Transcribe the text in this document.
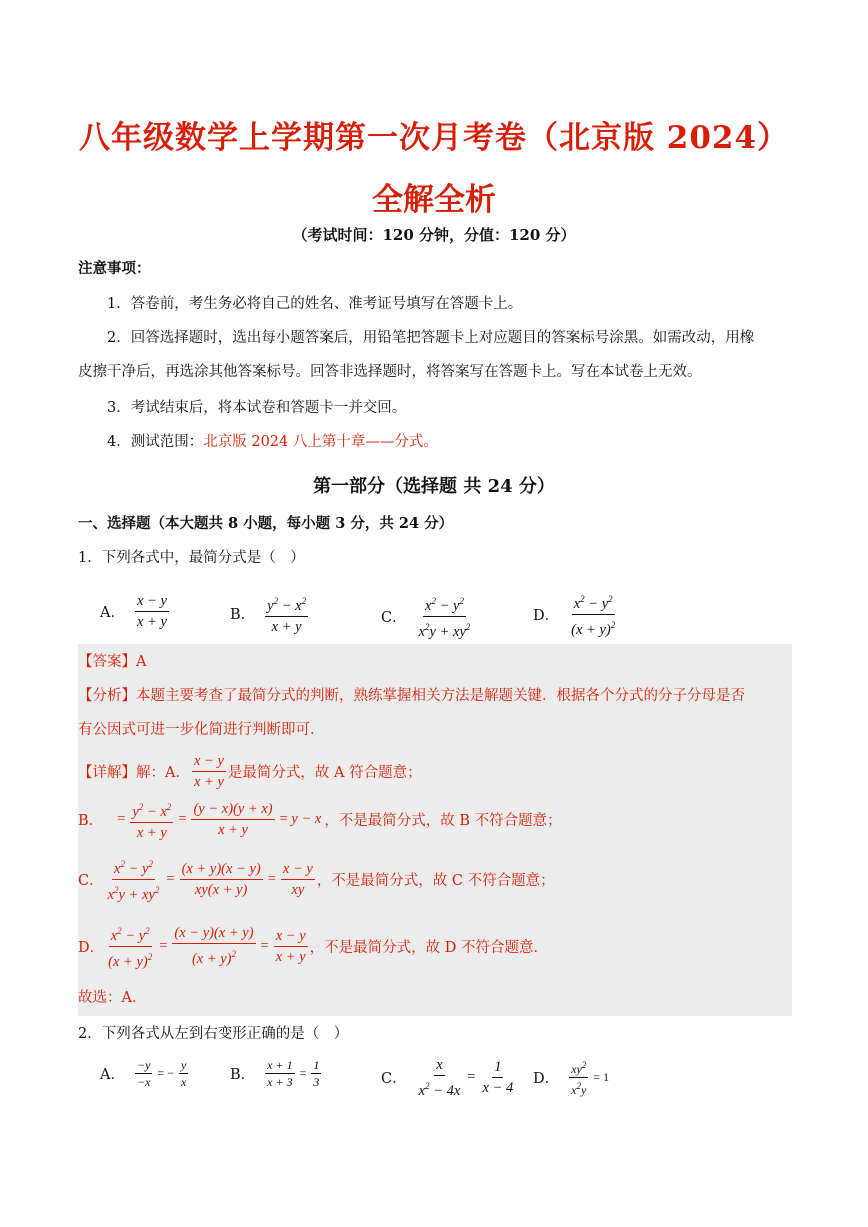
八年级数学上学期第一次月考卷（北京版 2024）
全解全析
（考试时间：120 分钟，分值：120 分）
注意事项：
1．答卷前，考生务必将自己的姓名、准考证号填写在答题卡上。
2．回答选择题时，选出每小题答案后，用铅笔把答题卡上对应题目的答案标号涂黑。如需改动，用橡
皮擦干净后，再选涂其他答案标号。回答非选择题时，将答案写在答题卡上。写在本试卷上无效。
3．考试结束后，将本试卷和答题卡一并交回。
4．测试范围：北京版 2024 八上第十章——分式。
第一部分（选择题 共 24 分）
一、选择题（本大题共 8 小题，每小题 3 分，共 24 分）
1．下列各式中，最简分式是（　）
A． $\frac{x - y}{x + y}$	B． $\frac{y^2 - x^2}{x + y}$	C． $\frac{x^2 - y^2}{x^2y + xy^2}$	D． $\frac{x^2 - y^2}{(x + y)^2}$
【答案】A
【分析】本题主要考查了最简分式的判断，熟练掌握相关方法是解题关键．根据各个分式的分子分母是否
有公因式可进一步化简进行判断即可．
【详解】解：A． $\frac{x - y}{x + y}$ 是最简分式，故 A 符合题意；
B． = $\frac{y^2 - x^2}{x + y} = \frac{(y - x)(y + x)}{x + y} = y - x$ ，不是最简分式，故 B 不符合题意；
C． $\frac{x^2 - y^2}{x^2y + xy^2} = \frac{(x + y)(x - y)}{xy(x + y)} = \frac{x - y}{xy}$ ，不是最简分式，故 C 不符合题意；
D． $\frac{x^2 - y^2}{(x + y)^2} = \frac{(x - y)(x + y)}{(x + y)^2} = \frac{x - y}{x + y}$ ，不是最简分式，故 D 不符合题意．
故选：A．
2．下列各式从左到右变形正确的是（　）
A． $\frac{-y}{-x}$ = − $\frac{y}{x}$	B． $\frac{x + 1}{x + 3} = \frac{1}{3}$	C． $\frac{x}{x^2 - 4x} = \frac{1}{x - 4}$ D． $\frac{xy^2}{x^2y} = 1$
